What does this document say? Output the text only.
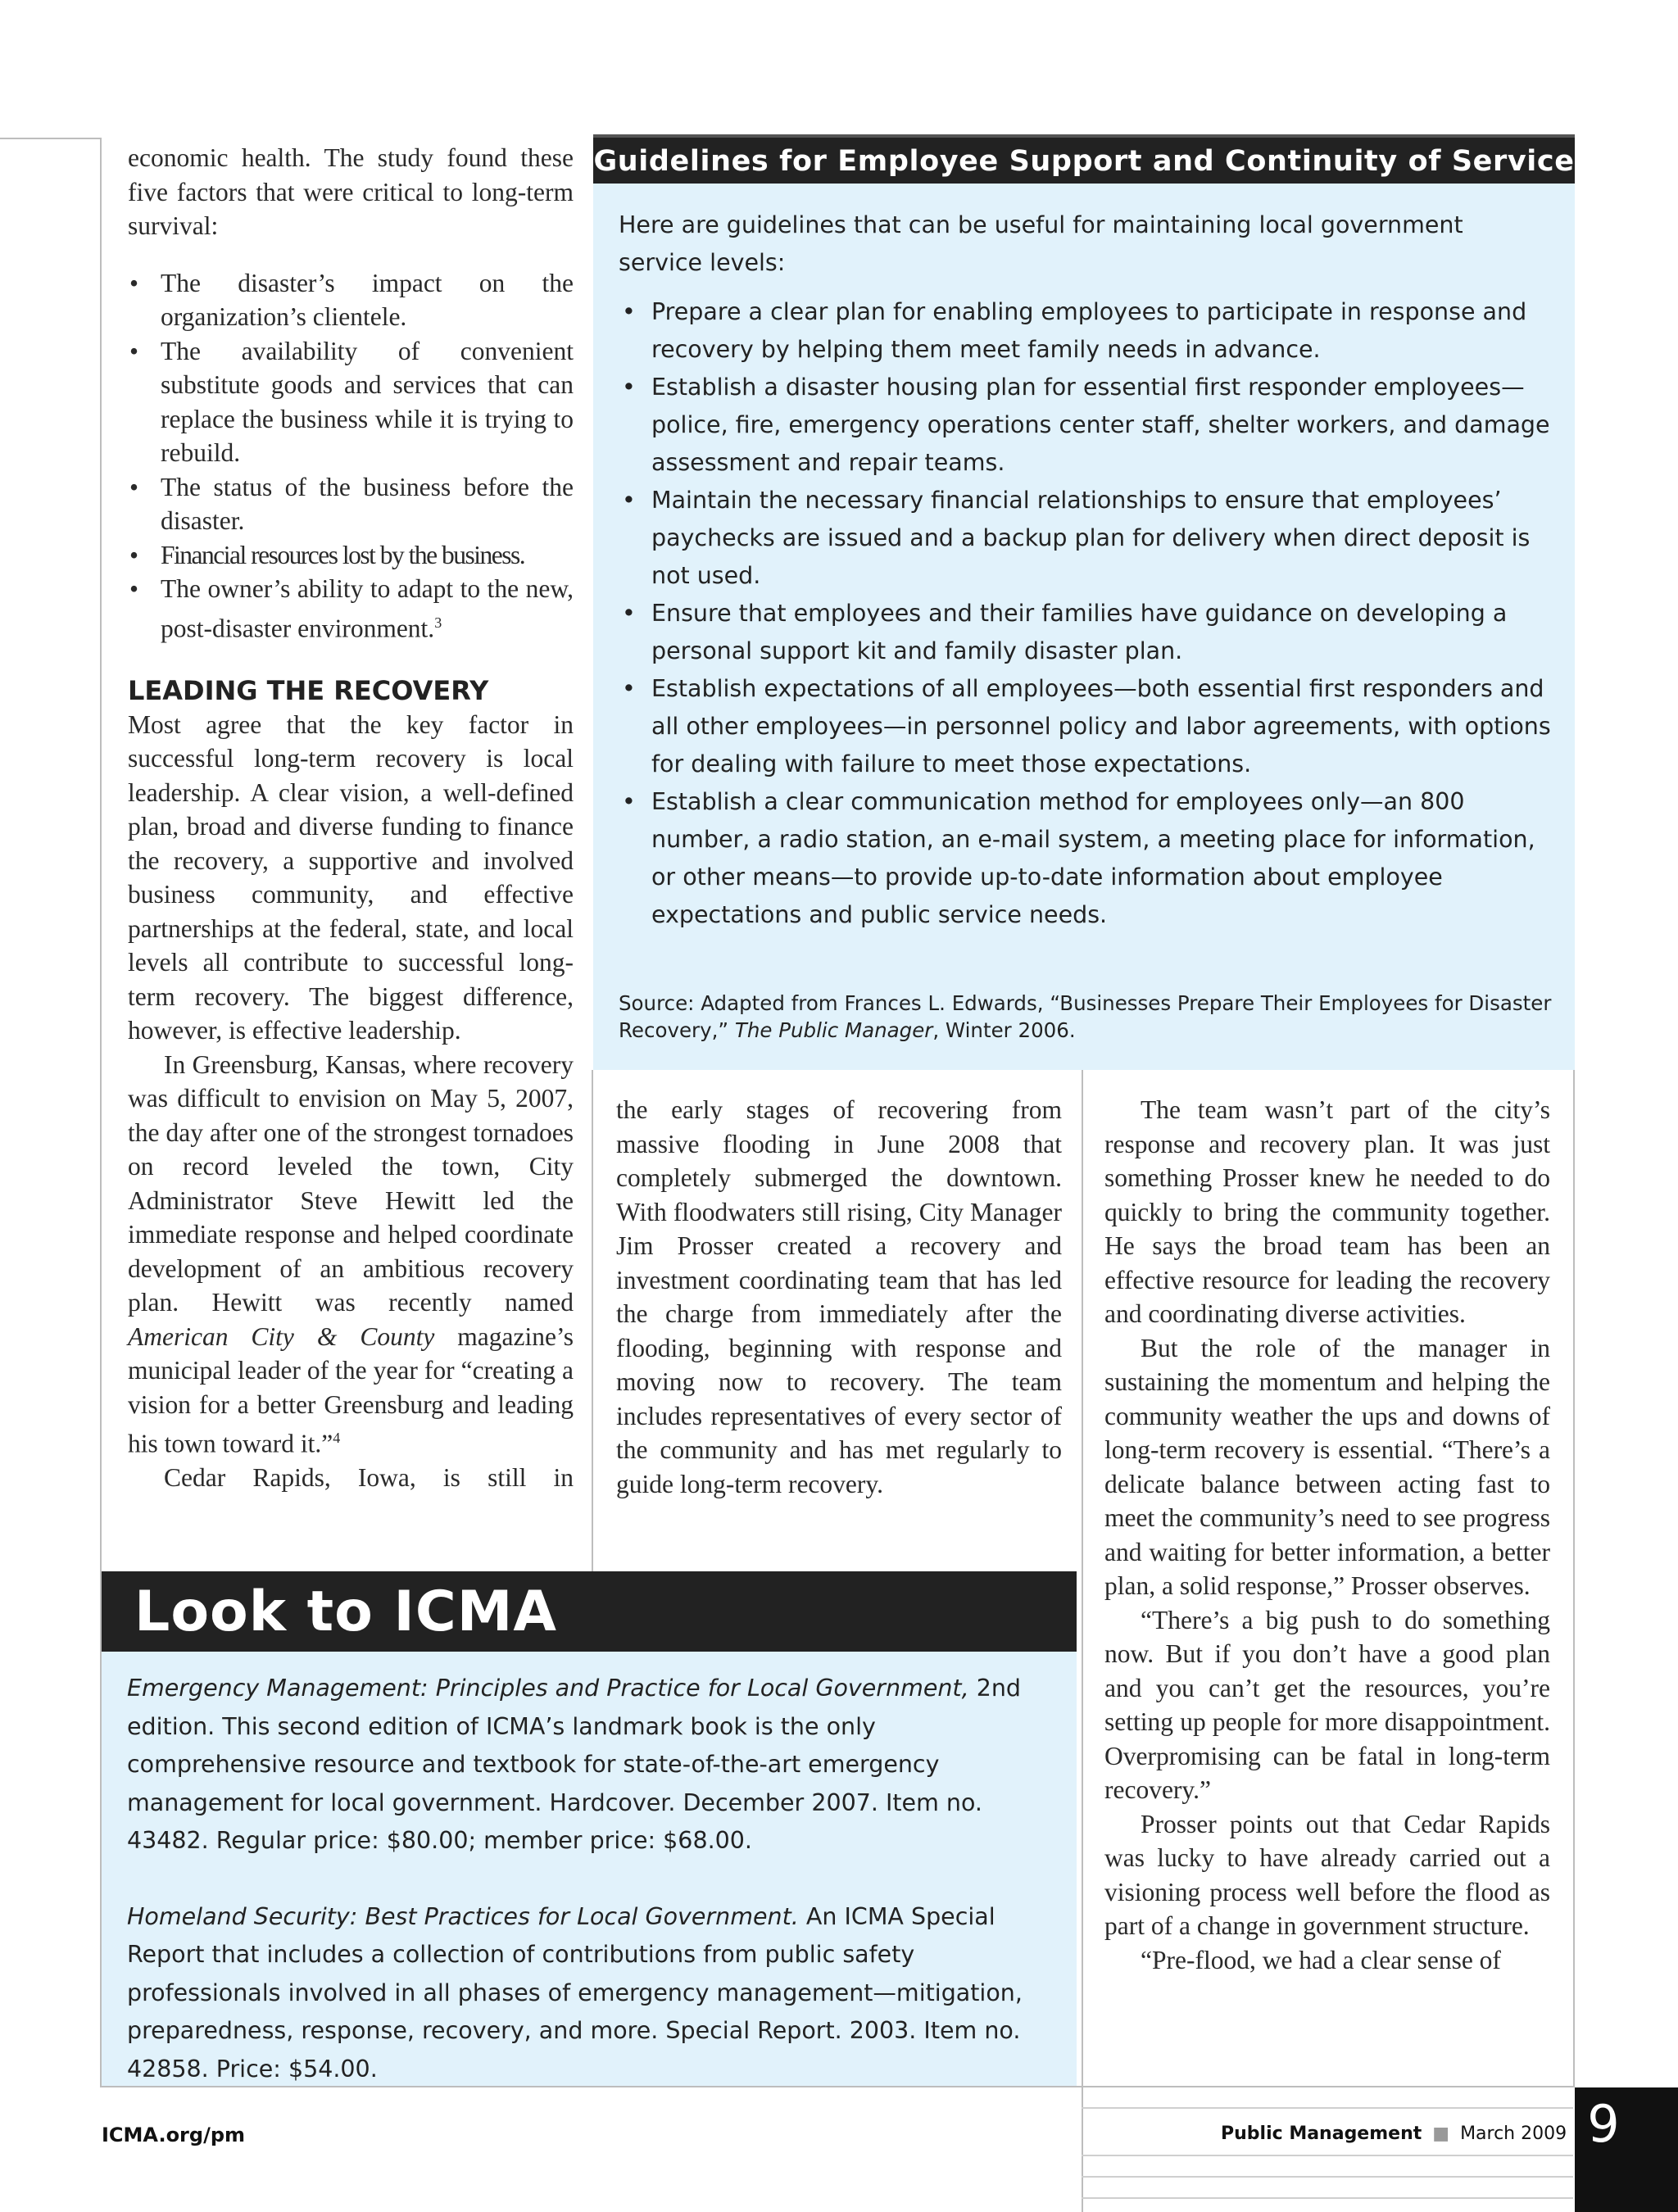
economic health. The study found these five factors that were critical to long-term survival:

• The disaster’s impact on the organization’s clientele.
• The availability of convenient substitute goods and services that can replace the business while it is trying to rebuild.
• The status of the business before the disaster.
• Financial resources lost by the business.
• The owner’s ability to adapt to the new, post-disaster environment.$^3$
LEADING THE RECOVERY

Most agree that the key factor in successful long-term recovery is local leadership. A clear vision, a well-defined plan, broad and diverse funding to finance the recovery, a supportive and involved business community, and effective partnerships at the federal, state, and local levels all contribute to successful long-term recovery. The biggest difference, however, is effective leadership.

In Greensburg, Kansas, where recovery was difficult to envision on May 5, 2007, the day after one of the strongest tornadoes on record leveled the town, City Administrator Steve Hewitt led the immediate response and helped coordinate development of an ambitious recovery plan. Hewitt was recently named American City & County magazine’s municipal leader of the year for “creating a vision for a better Greensburg and leading his town toward it.”$^4$

Cedar Rapids, Iowa, is still in

Guidelines for Employee Support and Continuity of Service

Here are guidelines that can be useful for maintaining local government service levels:

• Prepare a clear plan for enabling employees to participate in response and recovery by helping them meet family needs in advance.
• Establish a disaster housing plan for essential first responder employees—police, fire, emergency operations center staff, shelter workers, and damage assessment and repair teams.
• Maintain the necessary financial relationships to ensure that employees’ paychecks are issued and a backup plan for delivery when direct deposit is not used.
• Ensure that employees and their families have guidance on developing a personal support kit and family disaster plan.
• Establish expectations of all employees—both essential first responders and all other employees—in personnel policy and labor agreements, with options for dealing with failure to meet those expectations.
• Establish a clear communication method for employees only—an 800 number, a radio station, an e-mail system, a meeting place for information, or other means—to provide up-to-date information about employee expectations and public service needs.
Source: Adapted from Frances L. Edwards, “Businesses Prepare Their Employees for Disaster Recovery,” The Public Manager, Winter 2006.

the early stages of recovering from massive flooding in June 2008 that completely submerged the downtown. With floodwaters still rising, City Manager Jim Prosser created a recovery and investment coordinating team that has led the charge from immediately after the flooding, beginning with response and moving now to recovery. The team includes representatives of every sector of the community and has met regularly to guide long-term recovery.

The team wasn’t part of the city’s response and recovery plan. It was just something Prosser knew he needed to do quickly to bring the community together. He says the broad team has been an effective resource for leading the recovery and coordinating diverse activities.

But the role of the manager in sustaining the momentum and helping the community weather the ups and downs of long-term recovery is essential. “There’s a delicate balance between acting fast to meet the community’s need to see progress and waiting for better information, a better plan, a solid response,” Prosser observes.

“There’s a big push to do something now. But if you don’t have a good plan and you can’t get the resources, you’re setting up people for more disappointment. Overpromising can be fatal in long-term recovery.”

Prosser points out that Cedar Rapids was lucky to have already carried out a visioning process well before the flood as part of a change in government structure.

“Pre-flood, we had a clear sense of

Look to ICMA

Emergency Management: Principles and Practice for Local Government, 2nd edition. This second edition of ICMA’s landmark book is the only comprehensive resource and textbook for state-of-the-art emergency management for local government. Hardcover. December 2007. Item no. 43482. Regular price: $80.00; member price: $68.00.

Homeland Security: Best Practices for Local Government. An ICMA Special Report that includes a collection of contributions from public safety professionals involved in all phases of emergency management—mitigation, preparedness, response, recovery, and more. Special Report. 2003. Item no. 42858. Price: $54.00.

ICMA.org/pm	Public Management ■ March 2009 9
